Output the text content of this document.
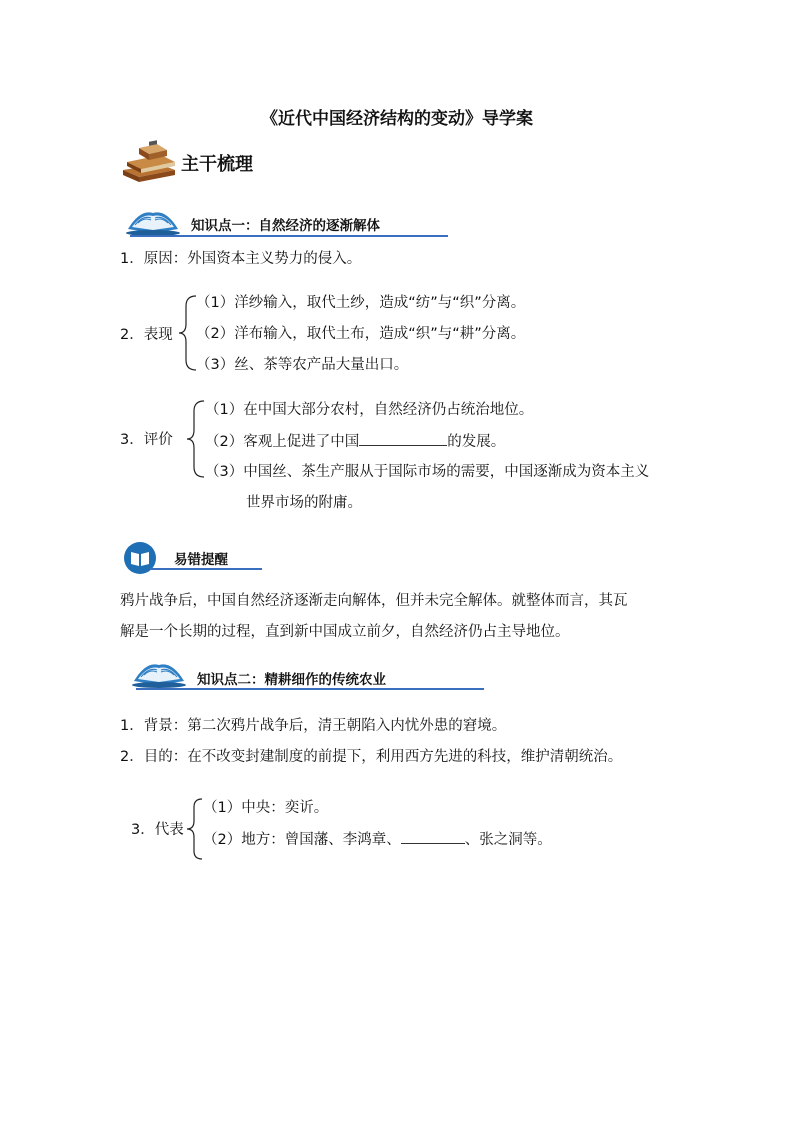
《近代中国经济结构的变动》导学案
主干梳理
知识点一：自然经济的逐渐解体
1．原因：外国资本主义势力的侵入。
2．表现
（1）洋纱输入，取代土纱，造成“纺”与“织”分离。
（2）洋布输入，取代土布，造成“织”与“耕”分离。
（3）丝、茶等农产品大量出口。
3．评价
（1）在中国大部分农村，自然经济仍占统治地位。
（2）客观上促进了中国	的发展。
（3）中国丝、茶生产服从于国际市场的需要，中国逐渐成为资本主义
世界市场的附庸。
易错提醒
鸦片战争后，中国自然经济逐渐走向解体，但并未完全解体。就整体而言，其瓦
解是一个长期的过程，直到新中国成立前夕，自然经济仍占主导地位。
知识点二：精耕细作的传统农业
1．背景：第二次鸦片战争后，清王朝陷入内忧外患的窘境。
2．目的：在不改变封建制度的前提下，利用西方先进的科技，维护清朝统治。
3．代表
（1）中央：奕䜣。
（2）地方：曾国藩、李鸿章、	、张之洞等。
